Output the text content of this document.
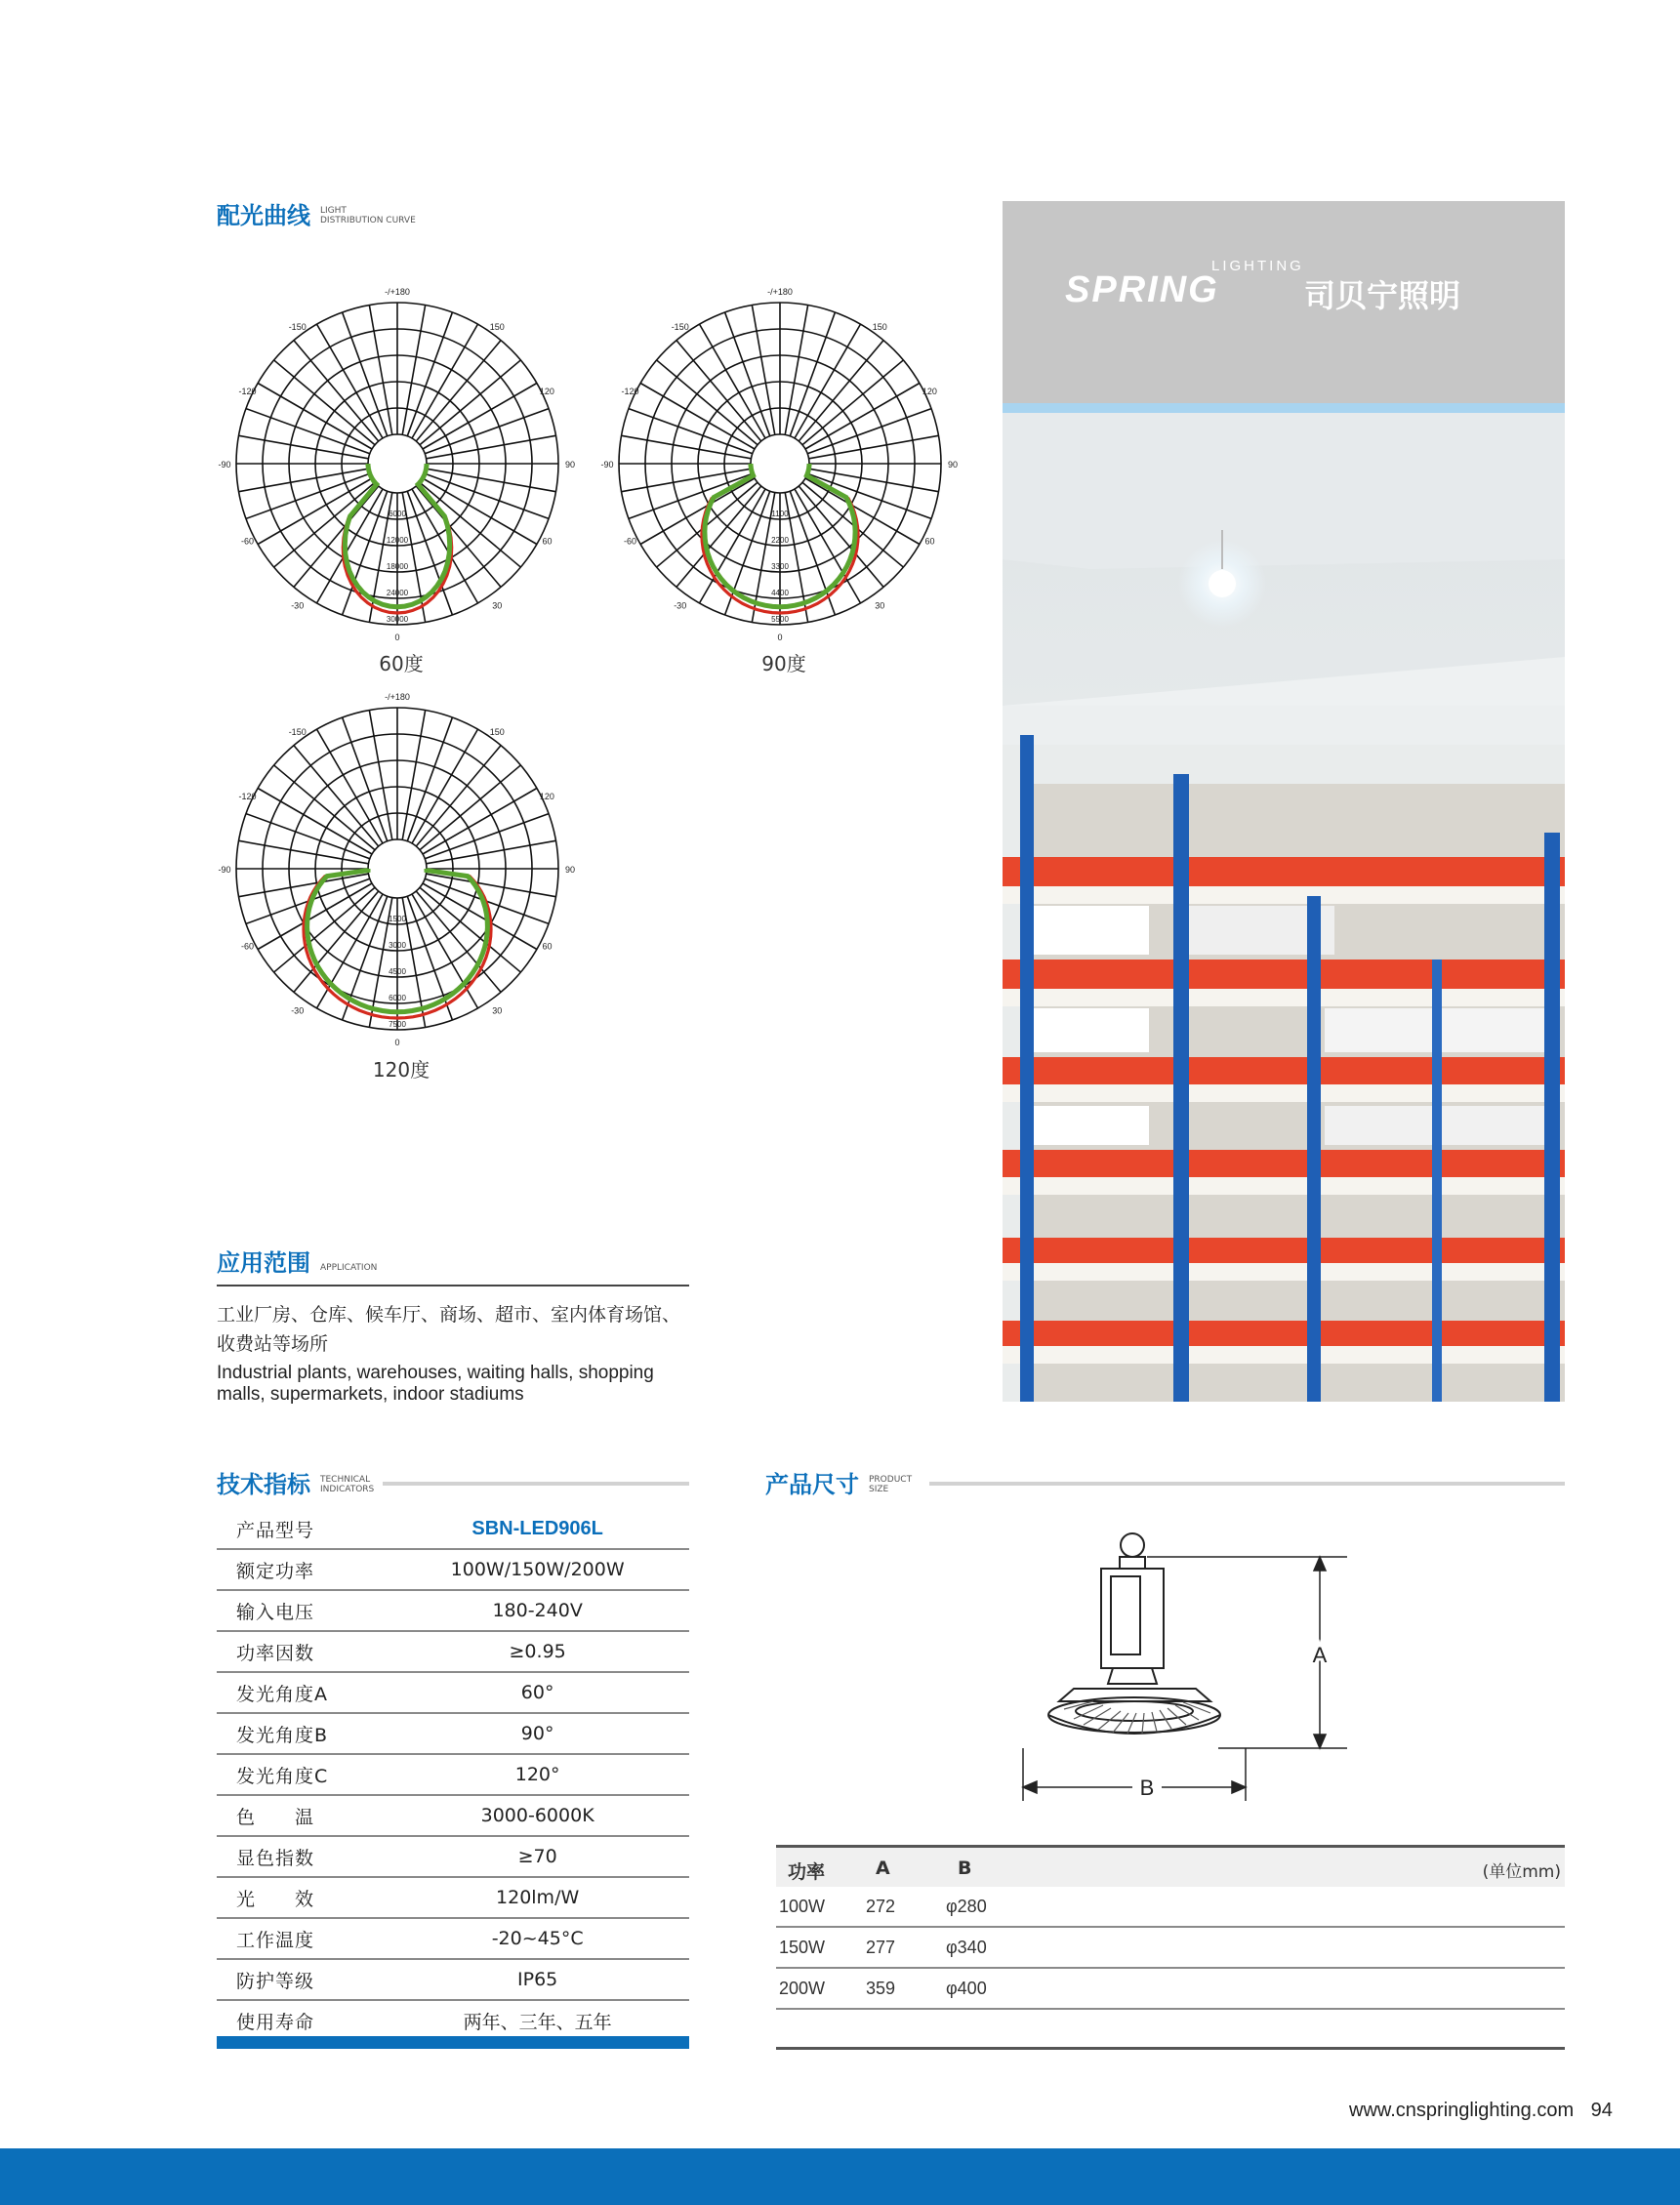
配光曲线 LIGHT
DISTRIBUTION CURVE
-/+180
0
-90	90
-150	150
-120	120
-60	60
-30	30
6000
12000
18000
24000
30000
60度
-/+180
0
-90	90
-150	150
-120	120
-60	60
-30	30
1100
2200
3300
4400
5500
90度
-/+180
0
-90	90
-150	150
-120	120
-60	60
-30	30
1500
3000
4500
6000
7500
120度
应用范围 APPLICATION
工业厂房、仓库、候车厅、商场、超市、室内体育场馆、
收费站等场所
Industrial plants, warehouses, waiting halls, shopping
malls, supermarkets, indoor stadiums
LIGHTING
SPRING	司贝宁照明
技术指标 TECHNICAL
INDICATORS
产品型号	SBN-LED906L
额定功率	100W/150W/200W
输入电压	180-240V
功率因数	≥0.95
发光角度A	60°
发光角度B	90°
发光角度C	120°
色　　温	3000-6000K
显色指数	≥70
光　　效	120lm/W
工作温度	-20~45°C
防护等级	IP65
使用寿命	两年、三年、五年
产品尺寸 PRODUCT
SIZE
A
B
功率	A	B	(单位mm)
100W 272	φ280
150W 277	φ340
200W 359	φ400
www.cnspringlighting.com 94
